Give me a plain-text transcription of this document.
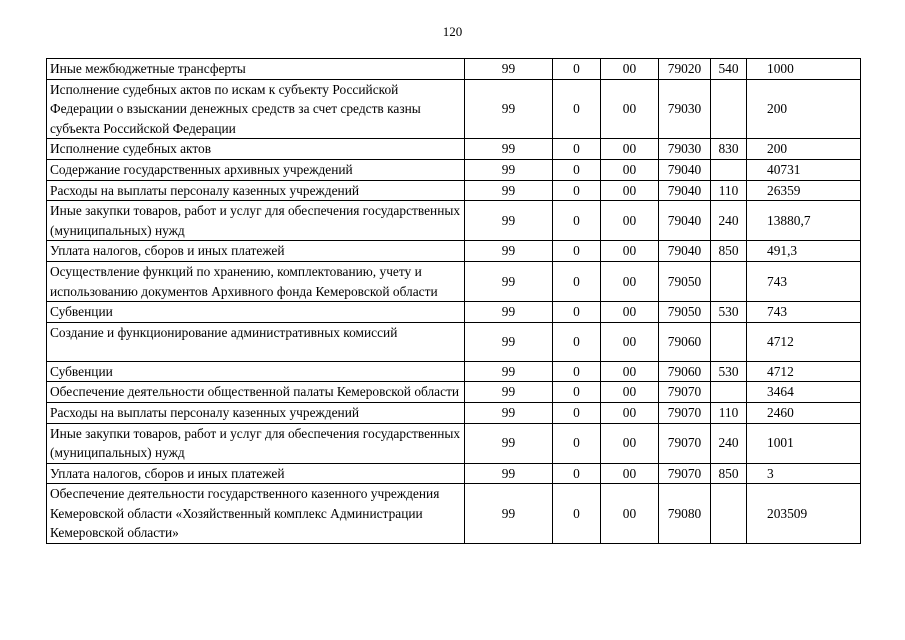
120
Иные межбюджетные трансферты	99	0	00	79020	540	1000
Исполнение судебных актов по искам к субъекту Российской Федерации о взыскании денежных средств за счет средств казны субъекта Российской Федерации	99	0	00	79030		200
Исполнение судебных актов	99	0	00	79030	830	200
Содержание государственных архивных учреждений	99	0	00	79040		40731
Расходы на выплаты персоналу казенных учреждений	99	0	00	79040	110	26359
Иные закупки товаров, работ и услуг для обеспечения государственных (муниципальных) нужд	99	0	00	79040	240	13880,7
Уплата налогов, сборов и иных платежей	99	0	00	79040	850	491,3
Осуществление функций по хранению, комплектованию, учету и использованию документов Архивного фонда Кемеровской области	99	0	00	79050		743
Субвенции	99	0	00	79050	530	743
Создание и функционирование административных комиссий	99	0	00	79060		4712
Субвенции	99	0	00	79060	530	4712
Обеспечение деятельности общественной палаты Кемеровской области	99	0	00	79070		3464
Расходы на выплаты персоналу казенных учреждений	99	0	00	79070	110	2460
Иные закупки товаров, работ и услуг для обеспечения государственных (муниципальных) нужд	99	0	00	79070	240	1001
Уплата налогов, сборов и иных платежей	99	0	00	79070	850	3
Обеспечение деятельности государственного казенного учреждения Кемеровской области «Хозяйственный комплекс Администрации Кемеровской области»	99	0	00	79080		203509
